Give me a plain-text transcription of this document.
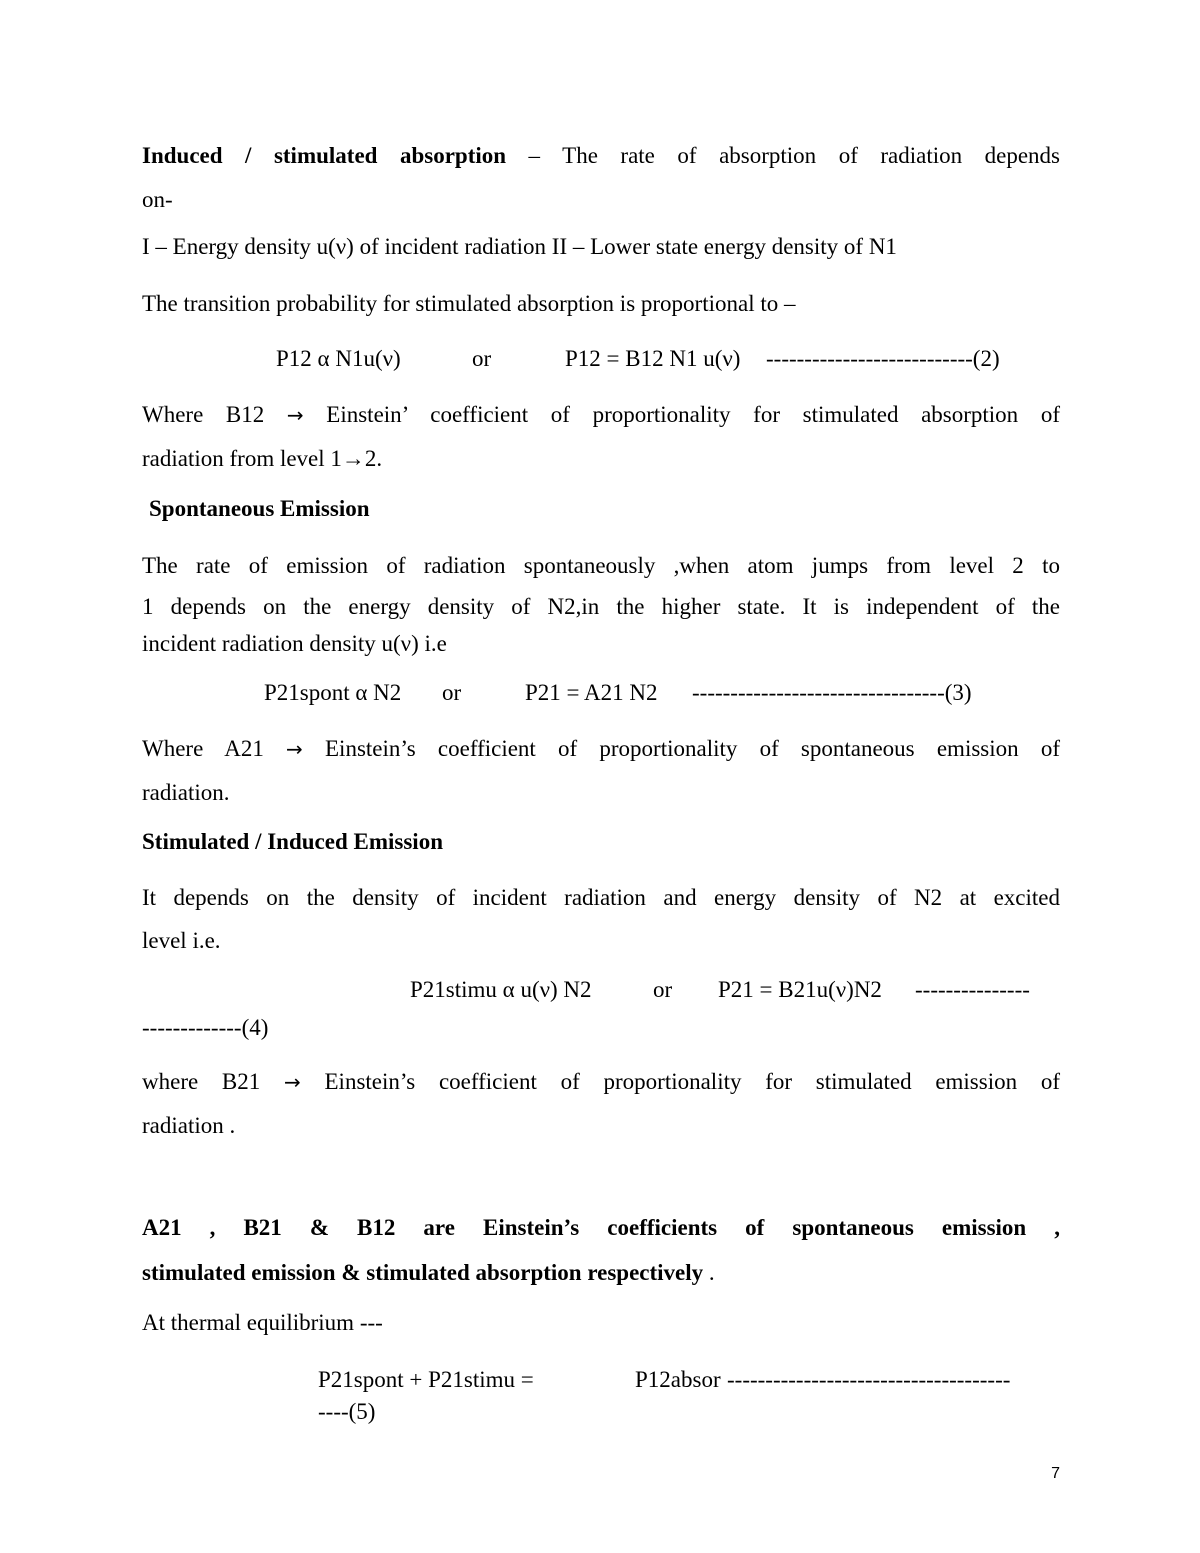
Induced / stimulated absorption – The rate of absorption of radiation depends
on-
I – Energy density u(ν) of incident radiation II – Lower state energy density of N1
The transition probability for stimulated absorption is proportional to –
P12 α N1u(ν)	or	P12 = B12 N1 u(ν) ---------------------------(2)
Where B12 → Einstein’ coefficient of proportionality for stimulated absorption of
radiation from level 1→2.
Spontaneous Emission
The rate of emission of radiation spontaneously ,when atom jumps from level 2 to
1 depends on the energy density of N2,in the higher state. It is independent of the
incident radiation density u(ν) i.e
P21spont α N2 or	P21 = A21 N2 ---------------------------------(3)
Where A21 → Einstein’s coefficient of proportionality of spontaneous emission of
radiation.
Stimulated / Induced Emission
It depends on the density of incident radiation and energy density of N2 at excited
level i.e.
P21stimu α u(ν) N2	or P21 = B21u(ν)N2 ---------------
-------------(4)
where B21 → Einstein’s coefficient of proportionality for stimulated emission of
radiation .
A21 , B21 & B12 are Einstein’s coefficients of spontaneous emission ,
stimulated emission & stimulated absorption respectively .
At thermal equilibrium ---
P21spont + P21stimu =	P12absor -------------------------------------
----(5)
7
